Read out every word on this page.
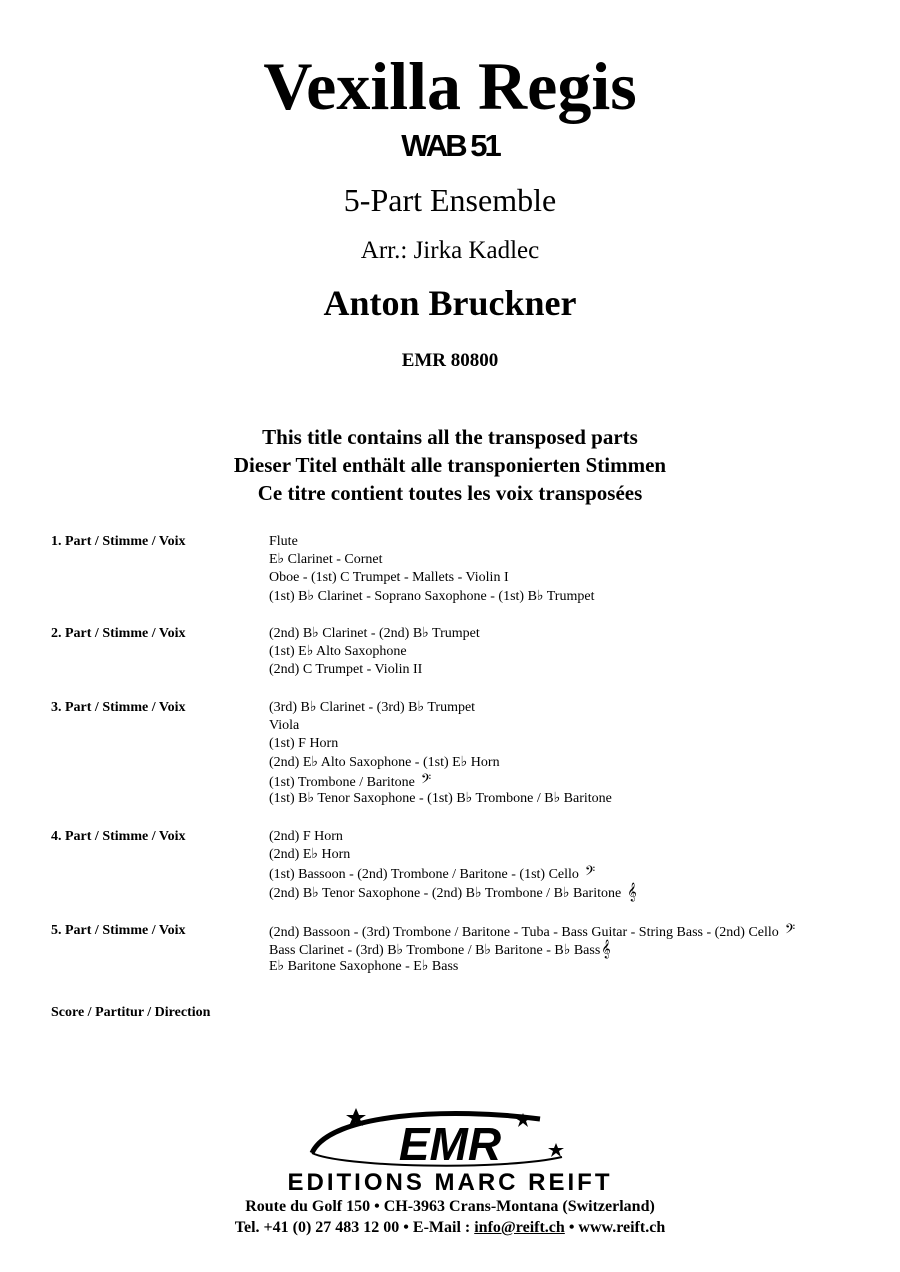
Vexilla Regis
WAB 51
5-Part Ensemble
Arr.: Jirka Kadlec
Anton Bruckner
EMR 80800
This title contains all the transposed parts
Dieser Titel enthält alle transponierten Stimmen
Ce titre contient toutes les voix transposées
1. Part / Stimme / Voix	Flute
E♭ Clarinet - Cornet
Oboe - (1st) C Trumpet - Mallets - Violin I
(1st) B♭ Clarinet - Soprano Saxophone - (1st) B♭ Trumpet
2. Part / Stimme / Voix	(2nd) B♭ Clarinet - (2nd) B♭ Trumpet
(1st) E♭ Alto Saxophone
(2nd) C Trumpet - Violin II
3. Part / Stimme / Voix	(3rd) B♭ Clarinet - (3rd) B♭ Trumpet
Viola
(1st) F Horn
(2nd) E♭ Alto Saxophone - (1st) E♭ Horn
(1st) Trombone / Baritone 𝄢
(1st) B♭ Tenor Saxophone - (1st) B♭ Trombone / B♭ Baritone
4. Part / Stimme / Voix	(2nd) F Horn
(2nd) E♭ Horn
(1st) Bassoon - (2nd) Trombone / Baritone - (1st) Cello 𝄢
(2nd) B♭ Tenor Saxophone - (2nd) B♭ Trombone / B♭ Baritone 𝄞
5. Part / Stimme / Voix	(2nd) Bassoon - (3rd) Trombone / Baritone - Tuba - Bass Guitar - String Bass - (2nd) Cello 𝄢
Bass Clarinet - (3rd) B♭ Trombone / B♭ Baritone - B♭ Bass𝄞
E♭ Baritone Saxophone - E♭ Bass
Score / Partitur / Direction
EMR
EDITIONS MARC REIFT
Route du Golf 150 • CH-3963 Crans-Montana (Switzerland)
Tel. +41 (0) 27 483 12 00 • E-Mail : info@reift.ch • www.reift.ch
